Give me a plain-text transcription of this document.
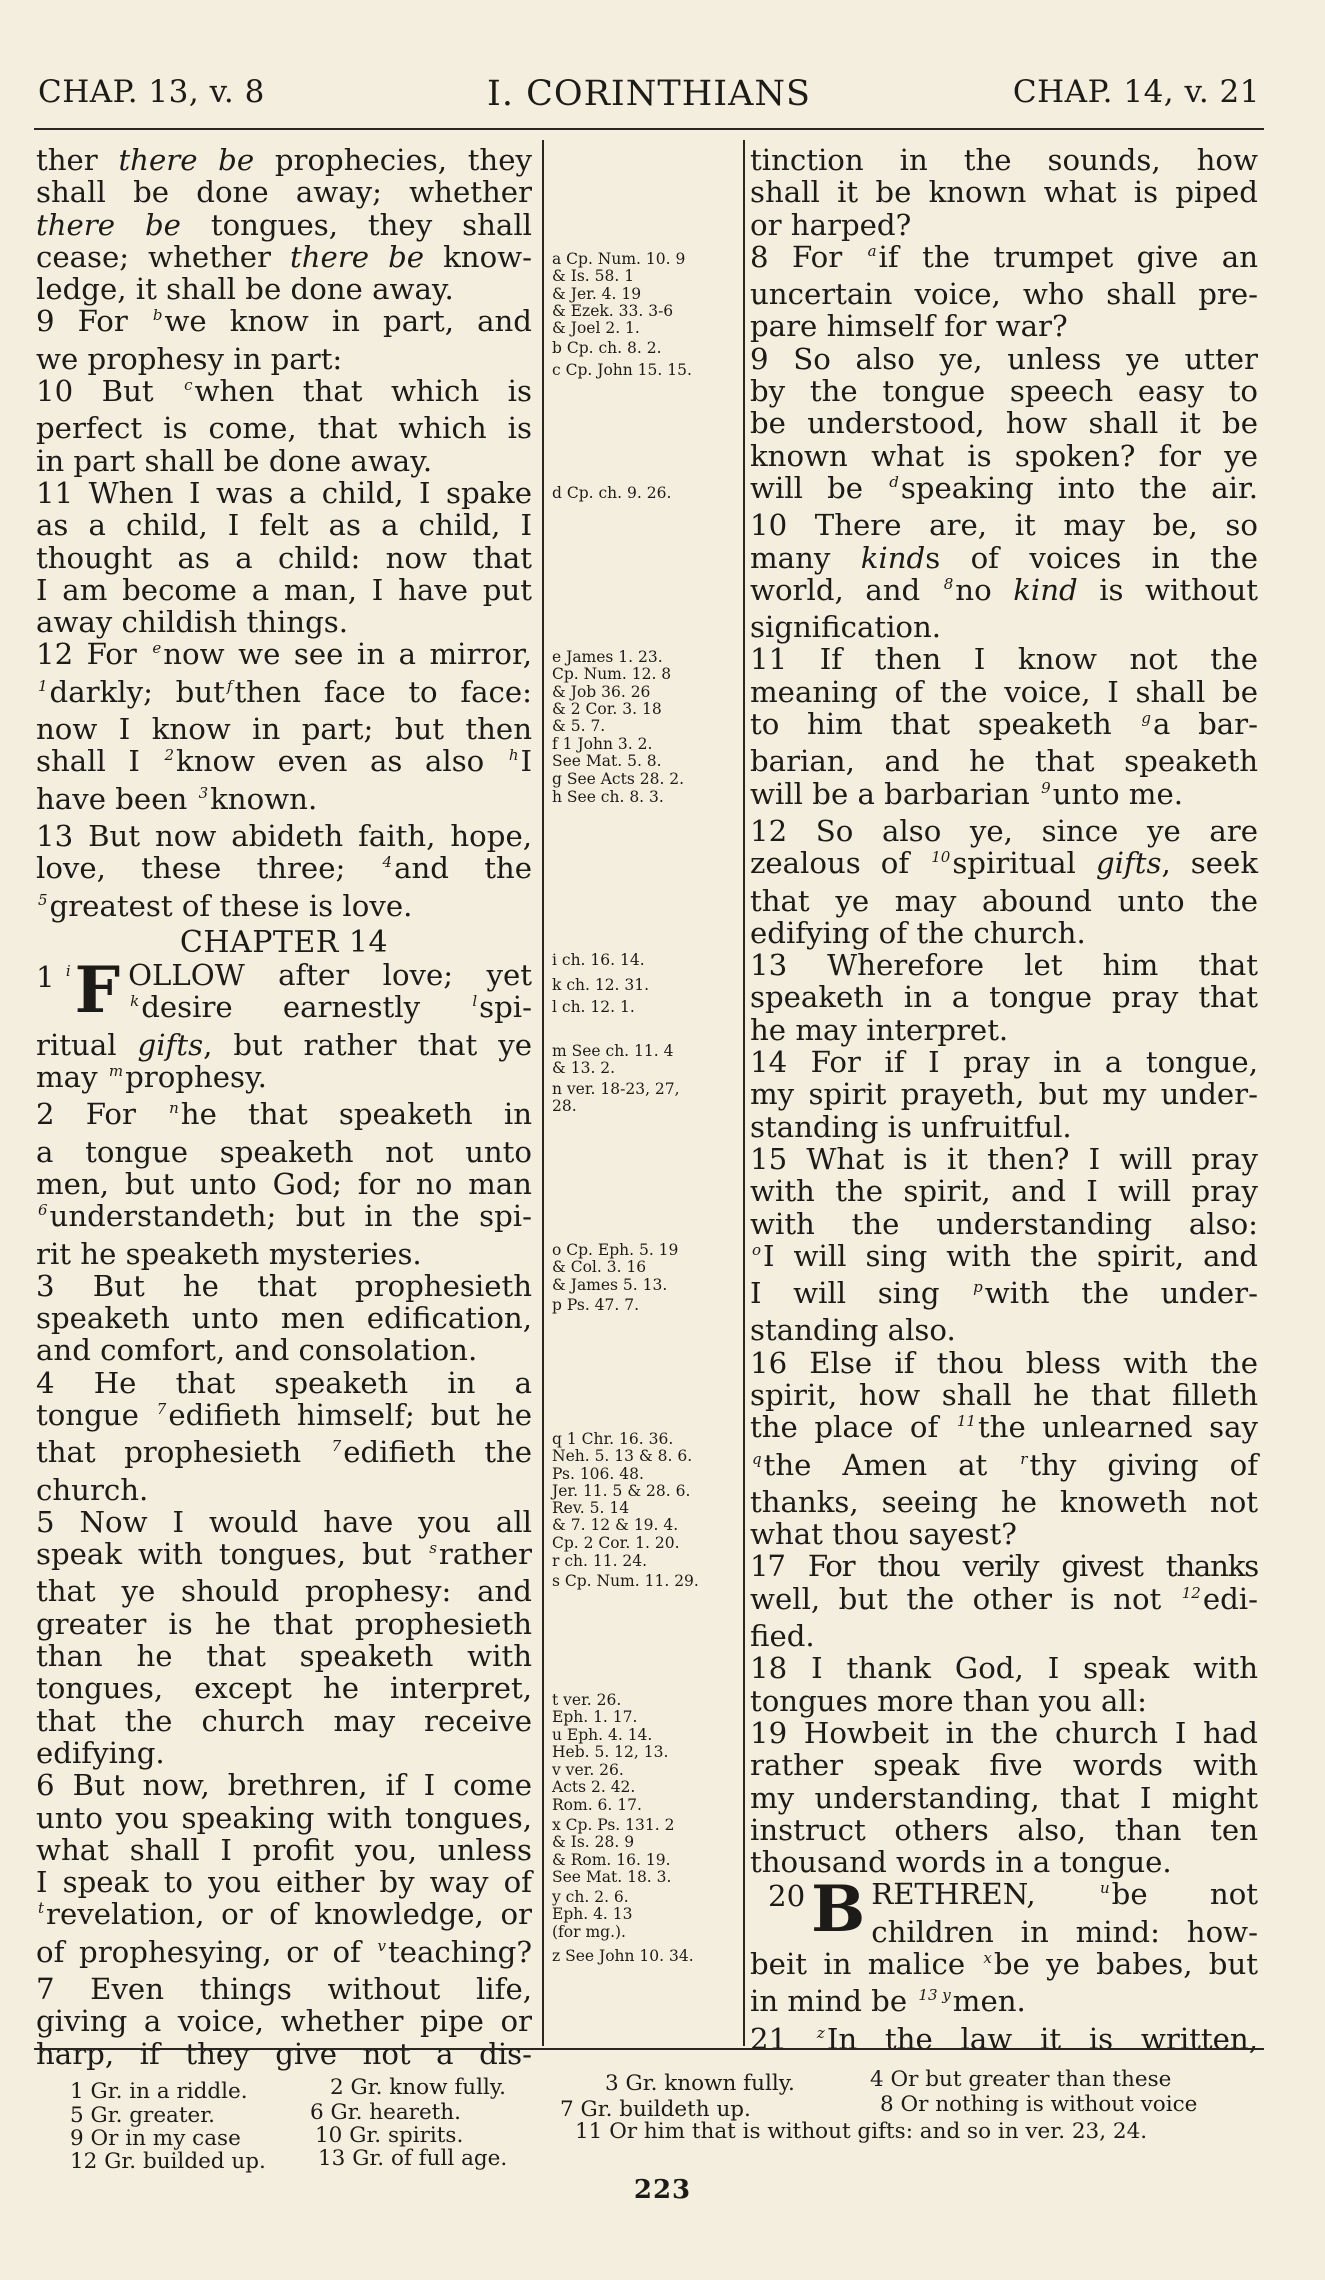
CHAP. 13, v. 8	I. CORINTHIANS	CHAP. 14, v. 21

ther there be prophecies, they

shall be done away; whether

there be tongues, they shall

cease; whether there be know-

ledge, it shall be done away.

9 For $^b$we know in part, and

we prophesy in part:

10 But $^c$when that which is

perfect is come, that which is

in part shall be done away.

11 When I was a child, I spake

as a child, I felt as a child, I

thought as a child: now that

I am become a man, I have put

away childish things.

12 For $^e$now we see in a mirror,

$^1$darkly; but $^f$then face to face:

now I know in part; but then

shall I $^2$know even as also $^h$I

have been $^3$known.

13 But now abideth faith, hope,

love, these three; $^4$and the

$^5$greatest of these is love.

CHAPTER 14

1 $^i$ F OLLOW after love; yet

$^k$desire earnestly	$^l$spi-

ritual gifts, but rather that ye

may $^m$prophesy.

2 For $^n$he that speaketh in

a tongue speaketh not unto

men, but unto God; for no man

$^6$understandeth; but in the spi-

rit he speaketh mysteries.

3 But he that prophesieth

speaketh unto men edification,

and comfort, and consolation.

4 He that speaketh in a

tongue $^7$edifieth himself; but he

that prophesieth $^7$edifieth the

church.

5 Now I would have you all

speak with tongues, but $^s$rather

that ye should prophesy: and

greater is he that prophesieth

than he that speaketh with

tongues, except he interpret,

that the church may receive

edifying.

6 But now, brethren, if I come

unto you speaking with tongues,

what shall I profit you, unless

I speak to you either by way of

$^t$revelation, or of knowledge, or

of prophesying, or of $^v$teaching?

7 Even things without life,

giving a voice, whether pipe or

harp, if they give not a dis-

a Cp. Num. 10. 9

& Is. 58. 1

& Jer. 4. 19

& Ezek. 33. 3-6

& Joel 2. 1.

b Cp. ch. 8. 2.

c Cp. John 15. 15.

d Cp. ch. 9. 26.

e James 1. 23.

Cp. Num. 12. 8

& Job 36. 26

& 2 Cor. 3. 18

& 5. 7.

f 1 John 3. 2.

See Mat. 5. 8.

g See Acts 28. 2.

h See ch. 8. 3.

i ch. 16. 14.

k ch. 12. 31.

l ch. 12. 1.

m See ch. 11. 4

& 13. 2.

n ver. 18-23, 27,

28.

o Cp. Eph. 5. 19

& Col. 3. 16

& James 5. 13.

p Ps. 47. 7.

q 1 Chr. 16. 36.

Neh. 5. 13 & 8. 6.

Ps. 106. 48.

Jer. 11. 5 & 28. 6.

Rev. 5. 14

& 7. 12 & 19. 4.

Cp. 2 Cor. 1. 20.

r ch. 11. 24.

s Cp. Num. 11. 29.

t ver. 26.

Eph. 1. 17.

u Eph. 4. 14.

Heb. 5. 12, 13.

v ver. 26.

Acts 2. 42.

Rom. 6. 17.

x Cp. Ps. 131. 2

& Is. 28. 9

& Rom. 16. 19.

See Mat. 18. 3.

y ch. 2. 6.

Eph. 4. 13

(for mg.).

z See John 10. 34.

tinction in the sounds, how

shall it be known what is piped

or harped?

8 For $^a$if the trumpet give an

uncertain voice, who shall pre-

pare himself for war?

9 So also ye, unless ye utter

by the tongue speech easy to

be understood, how shall it be

known what is spoken? for ye

will be $^d$speaking into the air.

10 There are, it may be, so

many kinds of voices in the

world, and $^8$no kind is without

signification.

11 If then I know not the

meaning of the voice, I shall be

to him that speaketh $^g$a bar-

barian, and he that speaketh

will be a barbarian $^9$unto me.

12 So also ye, since ye are

zealous of $^{10}$spiritual gifts, seek

that ye may abound unto the

edifying of the church.

13 Wherefore let him that

speaketh in a tongue pray that

he may interpret.

14 For if I pray in a tongue,

my spirit prayeth, but my under-

standing is unfruitful.

15 What is it then? I will pray

with the spirit, and I will pray

with the understanding also:

$^o$I will sing with the spirit, and

I will sing $^p$with the under-

standing also.

16 Else if thou bless with the

spirit, how shall he that filleth

the place of $^{11}$the unlearned say

$^q$the Amen at $^r$thy giving of

thanks, seeing he knoweth not

what thou sayest?

17 For thou verily givest thanks

well, but the other is not $^{12}$edi-

fied.

18 I thank God, I speak with

tongues more than you all:

19 Howbeit in the church I had

rather speak five words with

my understanding, that I might

instruct others also, than ten

thousand words in a tongue.

20 B RETHREN,	$^u$be not

children in mind: how-

beit in malice $^x$be ye babes, but

in mind be $^{13 y}$men.

21 $^z$In the law it is written,

1 Gr. in a riddle.	2 Gr. know fully.	3 Gr. known fully.	4 Or but greater than these
5 Gr. greater.	6 Gr. heareth.	7 Gr. buildeth up.	8 Or nothing is without voice
9 Or in my case	10 Gr. spirits.	11 Or him that is without gifts: and so in ver. 23, 24.
12 Gr. builded up. 13 Gr. of full age.
223
